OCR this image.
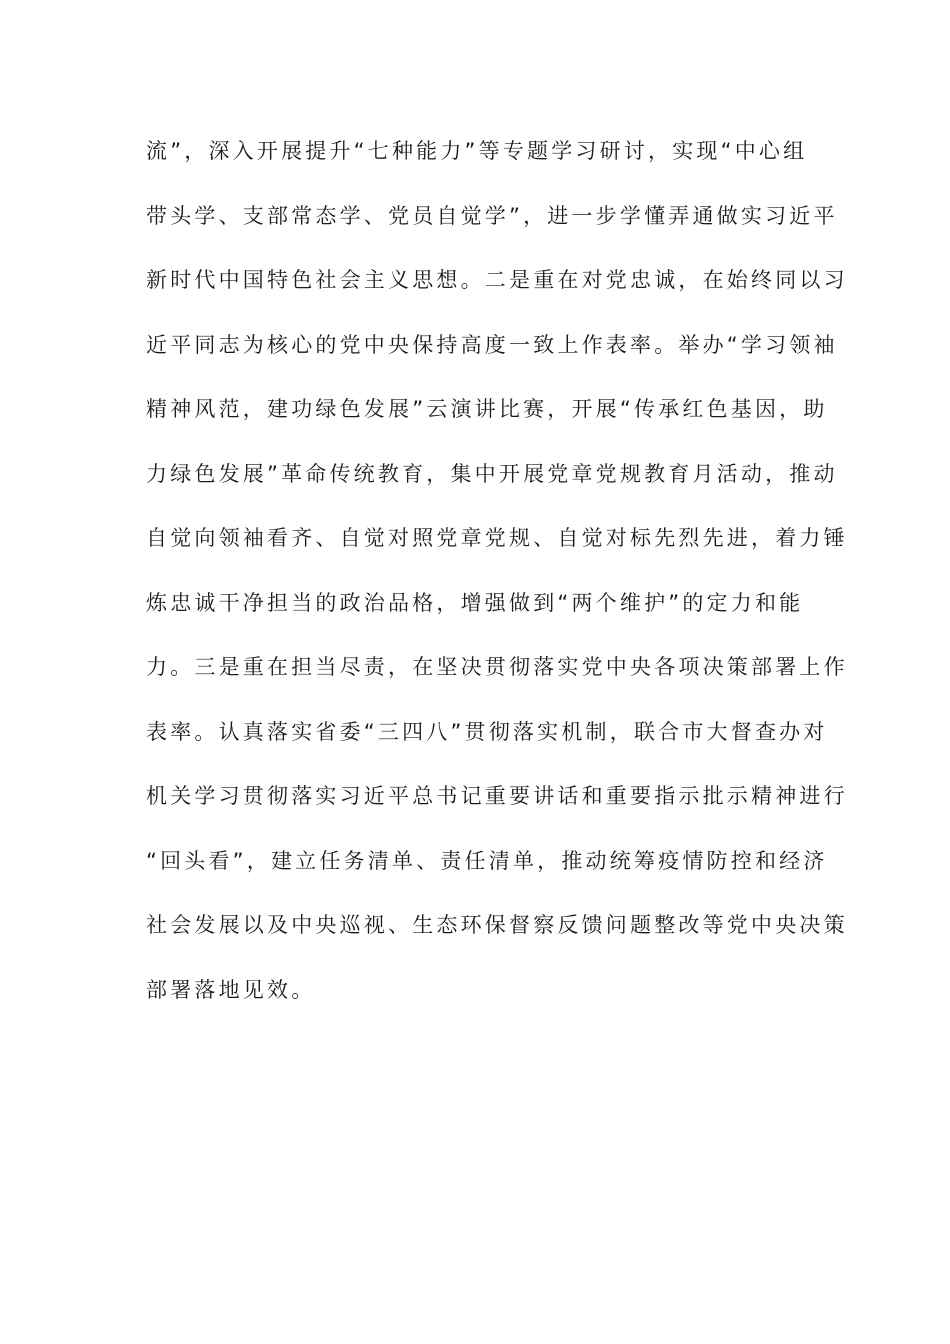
流”，深入开展提升“七种能力”等专题学习研讨，实现“中心组
带头学、支部常态学、党员自觉学”，进一步学懂弄通做实习近平
新时代中国特色社会主义思想。二是重在对党忠诚，在始终同以习
近平同志为核心的党中央保持高度一致上作表率。举办“学习领袖
精神风范，建功绿色发展”云演讲比赛，开展“传承红色基因，助
力绿色发展”革命传统教育，集中开展党章党规教育月活动，推动
自觉向领袖看齐、自觉对照党章党规、自觉对标先烈先进，着力锤
炼忠诚干净担当的政治品格，增强做到“两个维护”的定力和能
力。三是重在担当尽责，在坚决贯彻落实党中央各项决策部署上作
表率。认真落实省委“三四八”贯彻落实机制，联合市大督查办对
机关学习贯彻落实习近平总书记重要讲话和重要指示批示精神进行
“回头看”，建立任务清单、责任清单，推动统筹疫情防控和经济
社会发展以及中央巡视、生态环保督察反馈问题整改等党中央决策
部署落地见效。
